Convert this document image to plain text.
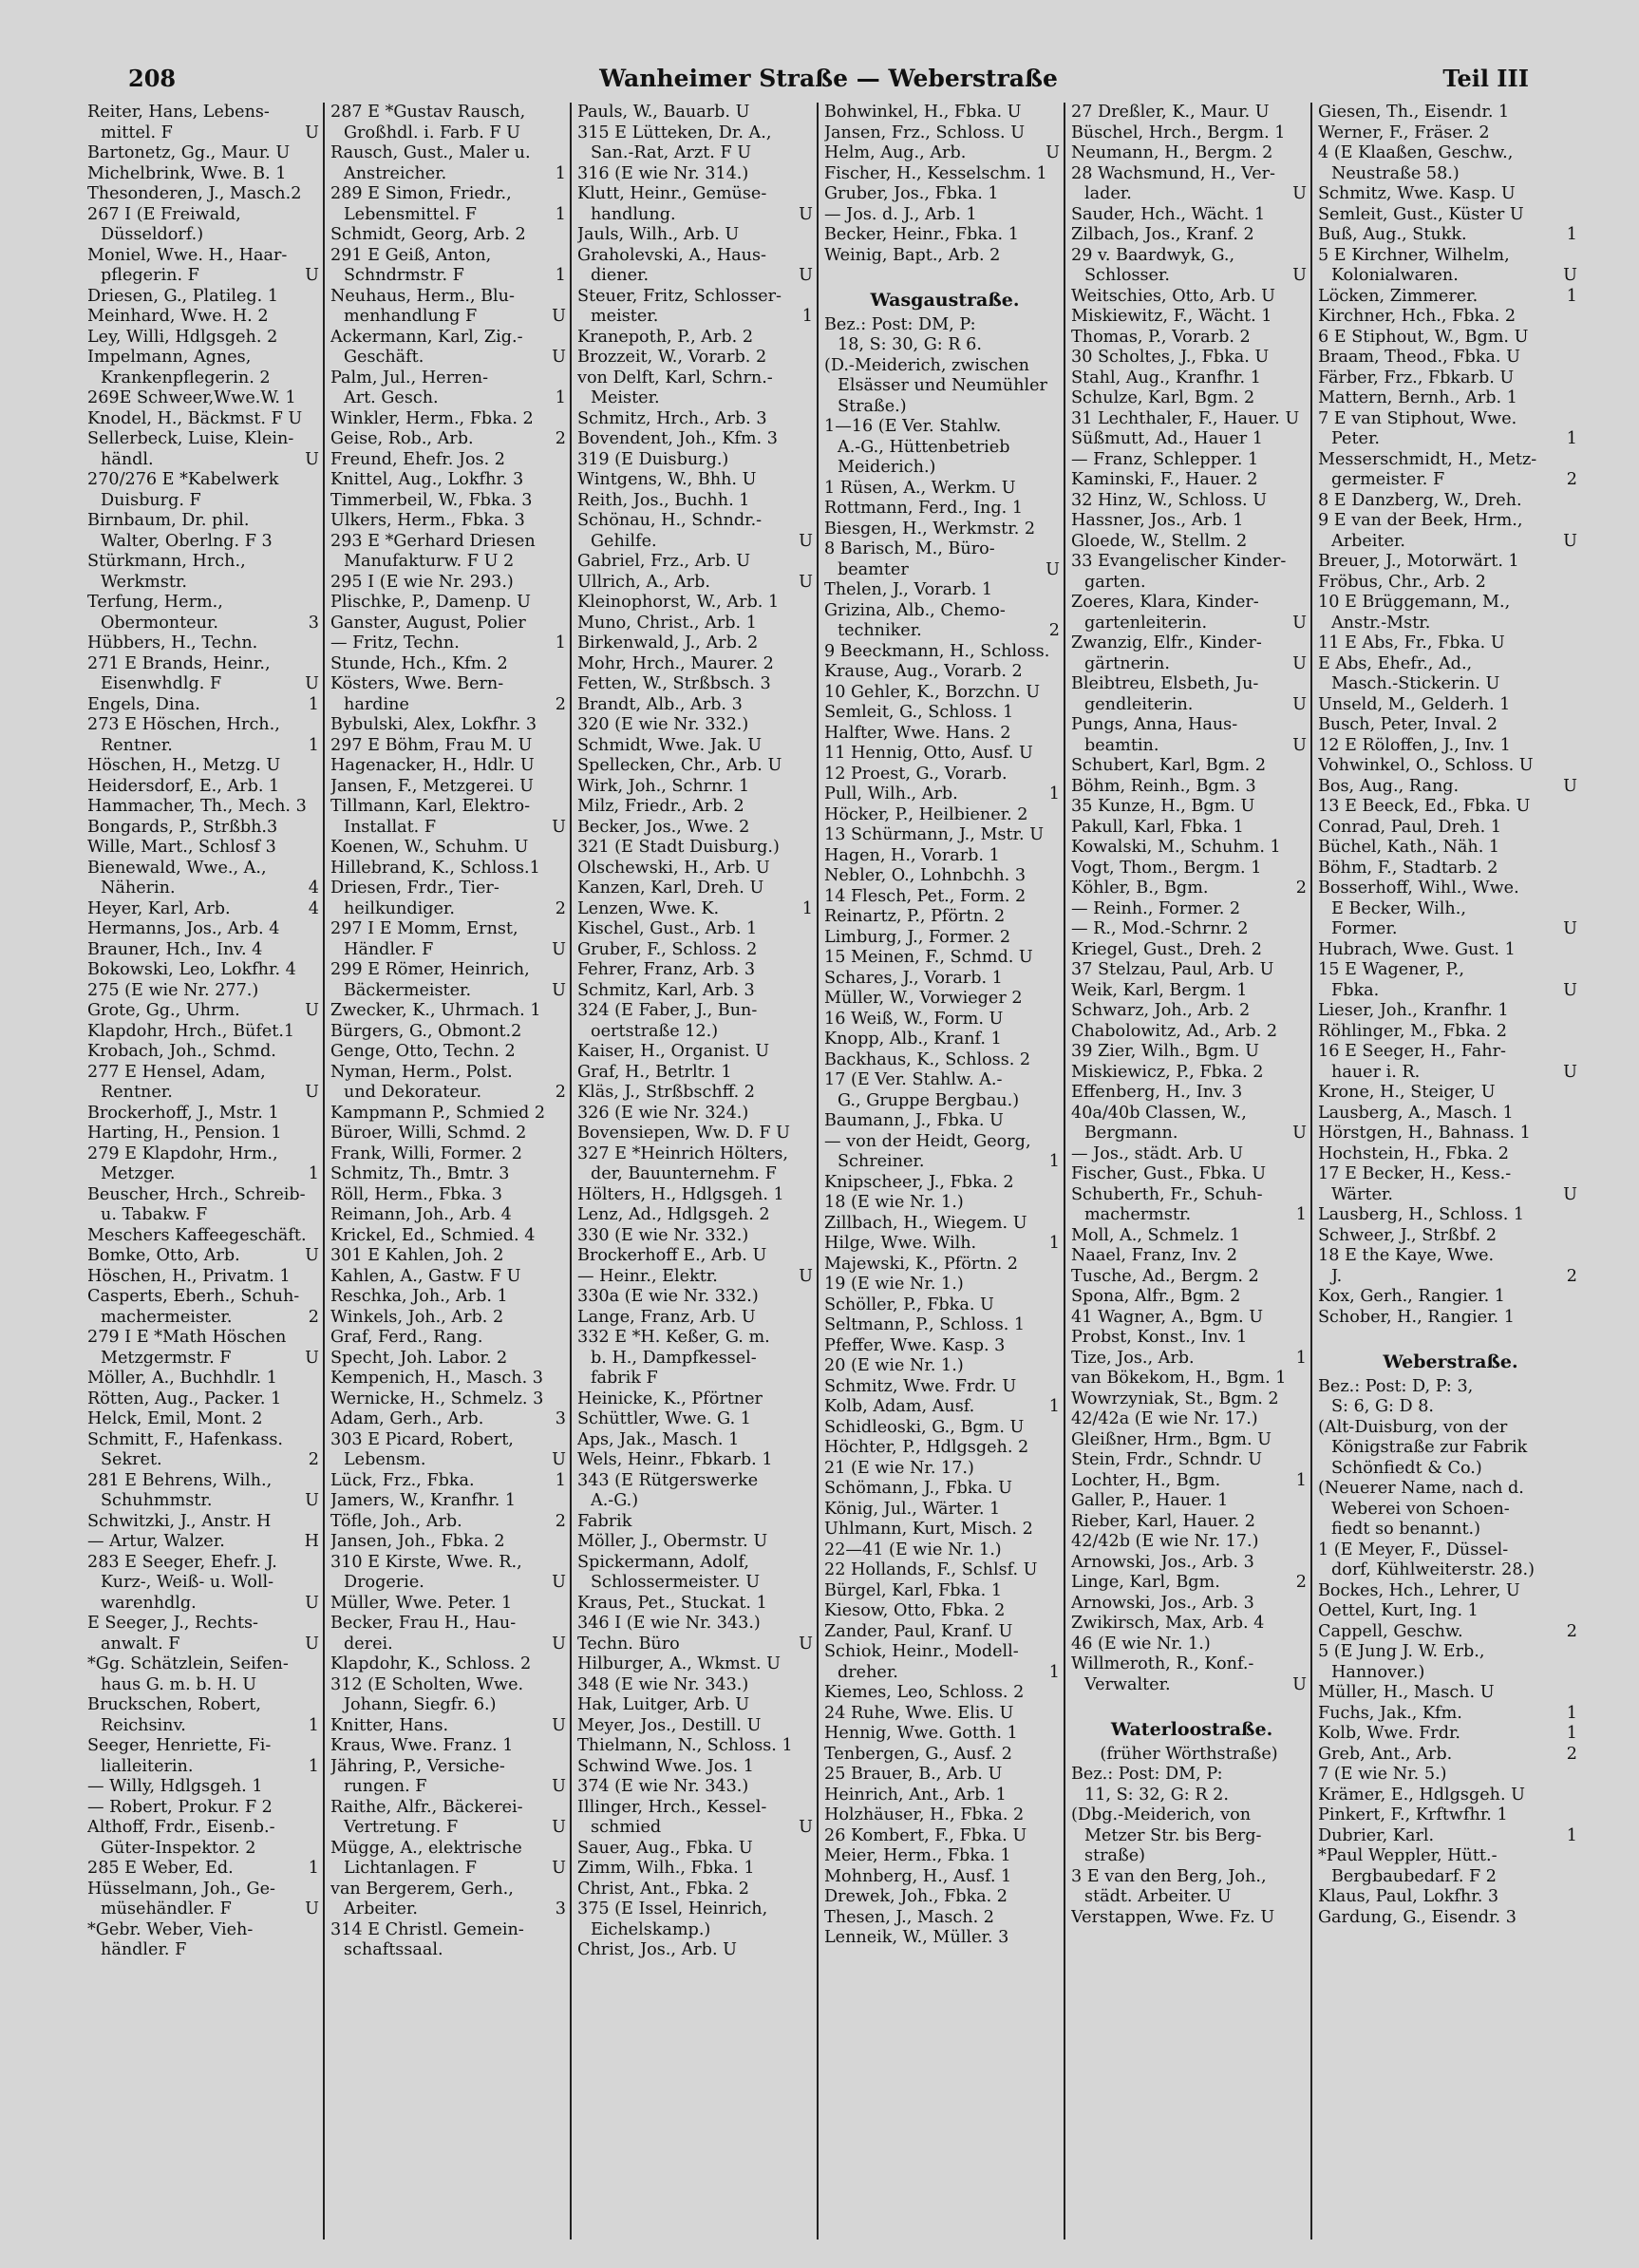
208	Wanheimer Straße — Weberstraße	Teil III
Reiter, Hans, Lebens-
mittel. F	U
Bartonetz, Gg., Maur. U
Michelbrink, Wwe. B. 1
Thesonderen, J., Masch.2
267 I (E Freiwald,
Düsseldorf.)
Moniel, Wwe. H., Haar-
pflegerin. F	U
Driesen, G., Platileg. 1
Meinhard, Wwe. H. 2
Ley, Willi, Hdlgsgeh. 2
Impelmann, Agnes,
Krankenpflegerin. 2
269E Schweer,Wwe.W. 1
Knodel, H., Bäckmst. F U
Sellerbeck, Luise, Klein-
händl.	U
270/276 E *Kabelwerk
Duisburg. F
Birnbaum, Dr. phil.
Walter, Oberlng. F 3
Stürkmann, Hrch.,
Werkmstr.
Terfung, Herm.,
Obermonteur.	3
Hübbers, H., Techn.
271 E Brands, Heinr.,
Eisenwhdlg. F	U
Engels, Dina.	1
273 E Höschen, Hrch.,
Rentner.	1
Höschen, H., Metzg. U
Heidersdorf, E., Arb. 1
Hammacher, Th., Mech. 3
Bongards, P., Strßbh.3
Wille, Mart., Schlosf 3
Bienewald, Wwe., A.,
Näherin.	4
Heyer, Karl, Arb.	4
Hermanns, Jos., Arb. 4
Brauner, Hch., Inv. 4
Bokowski, Leo, Lokfhr. 4
275 (E wie Nr. 277.)
Grote, Gg., Uhrm.	U
Klapdohr, Hrch., Büfet.1
Krobach, Joh., Schmd.
277 E Hensel, Adam,
Rentner.	U
Brockerhoff, J., Mstr. 1
Harting, H., Pension. 1
279 E Klapdohr, Hrm.,
Metzger.	1
Beuscher, Hrch., Schreib-
u. Tabakw. F
Meschers Kaffeegeschäft.
Bomke, Otto, Arb.	U
Höschen, H., Privatm. 1
Casperts, Eberh., Schuh-
machermeister.	2
279 I E *Math Höschen
Metzgermstr. F	U
Möller, A., Buchhdlr. 1
Rötten, Aug., Packer. 1
Helck, Emil, Mont. 2
Schmitt, F., Hafenkass.
Sekret.	2
281 E Behrens, Wilh.,
Schuhmmstr.	U
Schwitzki, J., Anstr. H
— Artur, Walzer.	H
283 E Seeger, Ehefr. J.
Kurz-, Weiß- u. Woll-
warenhdlg.	U
E Seeger, J., Rechts-
anwalt. F	U
*Gg. Schätzlein, Seifen-
haus G. m. b. H. U
Bruckschen, Robert,
Reichsinv.	1
Seeger, Henriette, Fi-
lialleiterin.	1
— Willy, Hdlgsgeh. 1
— Robert, Prokur. F 2
Althoff, Frdr., Eisenb.-
Güter-Inspektor. 2
285 E Weber, Ed.	1
Hüsselmann, Joh., Ge-
müsehändler. F	U
*Gebr. Weber, Vieh-
händler. F
287 E *Gustav Rausch,
Großhdl. i. Farb. F U
Rausch, Gust., Maler u.
Anstreicher.	1
289 E Simon, Friedr.,
Lebensmittel. F	1
Schmidt, Georg, Arb. 2
291 E Geiß, Anton,
Schndrmstr. F	1
Neuhaus, Herm., Blu-
menhandlung F	U
Ackermann, Karl, Zig.-
Geschäft.	U
Palm, Jul., Herren-
Art. Gesch.	1
Winkler, Herm., Fbka. 2
Geise, Rob., Arb.	2
Freund, Ehefr. Jos. 2
Knittel, Aug., Lokfhr. 3
Timmerbeil, W., Fbka. 3
Ulkers, Herm., Fbka. 3
293 E *Gerhard Driesen
Manufakturw. F U 2
295 I (E wie Nr. 293.)
Plischke, P., Damenp. U
Ganster, August, Polier
— Fritz, Techn.	1
Stunde, Hch., Kfm. 2
Kösters, Wwe. Bern-
hardine	2
Bybulski, Alex, Lokfhr. 3
297 E Böhm, Frau M. U
Hagenacker, H., Hdlr. U
Jansen, F., Metzgerei. U
Tillmann, Karl, Elektro-
Installat. F	U
Koenen, W., Schuhm. U
Hillebrand, K., Schloss.1
Driesen, Frdr., Tier-
heilkundiger.	2
297 I E Momm, Ernst,
Händler. F	U
299 E Römer, Heinrich,
Bäckermeister.	U
Zwecker, K., Uhrmach. 1
Bürgers, G., Obmont.2
Genge, Otto, Techn. 2
Nyman, Herm., Polst.
und Dekorateur.	2
Kampmann P., Schmied 2
Büroer, Willi, Schmd. 2
Frank, Willi, Former. 2
Schmitz, Th., Bmtr. 3
Röll, Herm., Fbka. 3
Reimann, Joh., Arb. 4
Krickel, Ed., Schmied. 4
301 E Kahlen, Joh. 2
Kahlen, A., Gastw. F U
Reschka, Joh., Arb. 1
Winkels, Joh., Arb. 2
Graf, Ferd., Rang.
Specht, Joh. Labor. 2
Kempenich, H., Masch. 3
Wernicke, H., Schmelz. 3
Adam, Gerh., Arb.	3
303 E Picard, Robert,
Lebensm.	U
Lück, Frz., Fbka.	1
Jamers, W., Kranfhr. 1
Töfle, Joh., Arb.	2
Jansen, Joh., Fbka. 2
310 E Kirste, Wwe. R.,
Drogerie.	U
Müller, Wwe. Peter. 1
Becker, Frau H., Hau-
derei.	U
Klapdohr, K., Schloss. 2
312 (E Scholten, Wwe.
Johann, Siegfr. 6.)
Knitter, Hans.	U
Kraus, Wwe. Franz. 1
Jähring, P., Versiche-
rungen. F	U
Raithe, Alfr., Bäckerei-
Vertretung. F	U
Mügge, A., elektrische
Lichtanlagen. F	U
van Bergerem, Gerh.,
Arbeiter.	3
314 E Christl. Gemein-
schaftssaal.
Pauls, W., Bauarb. U
315 E Lütteken, Dr. A.,
San.-Rat, Arzt. F U
316 (E wie Nr. 314.)
Klutt, Heinr., Gemüse-
handlung.	U
Jauls, Wilh., Arb. U
Graholevski, A., Haus-
diener.	U
Steuer, Fritz, Schlosser-
meister.	1
Kranepoth, P., Arb. 2
Brozzeit, W., Vorarb. 2
von Delft, Karl, Schrn.-
Meister.
Schmitz, Hrch., Arb. 3
Bovendent, Joh., Kfm. 3
319 (E Duisburg.)
Wintgens, W., Bhh. U
Reith, Jos., Buchh. 1
Schönau, H., Schndr.-
Gehilfe.	U
Gabriel, Frz., Arb. U
Ullrich, A., Arb.	U
Kleinophorst, W., Arb. 1
Muno, Christ., Arb. 1
Birkenwald, J., Arb. 2
Mohr, Hrch., Maurer. 2
Fetten, W., Strßbsch. 3
Brandt, Alb., Arb. 3
320 (E wie Nr. 332.)
Schmidt, Wwe. Jak. U
Spellecken, Chr., Arb. U
Wirk, Joh., Schrnr. 1
Milz, Friedr., Arb. 2
Becker, Jos., Wwe. 2
321 (E Stadt Duisburg.)
Olschewski, H., Arb. U
Kanzen, Karl, Dreh. U
Lenzen, Wwe. K.	1
Kischel, Gust., Arb. 1
Gruber, F., Schloss. 2
Fehrer, Franz, Arb. 3
Schmitz, Karl, Arb. 3
324 (E Faber, J., Bun-
oertstraße 12.)
Kaiser, H., Organist. U
Graf, H., Betrltr. 1
Kläs, J., Strßbschff. 2
326 (E wie Nr. 324.)
Bovensiepen, Ww. D. F U
327 E *Heinrich Hölters,
der, Bauunternehm. F
Hölters, H., Hdlgsgeh. 1
Lenz, Ad., Hdlgsgeh. 2
330 (E wie Nr. 332.)
Brockerhoff E., Arb. U
— Heinr., Elektr.	U
330a (E wie Nr. 332.)
Lange, Franz, Arb. U
332 E *H. Keßer, G. m.
b. H., Dampfkessel-
fabrik F
Heinicke, K., Pförtner
Schüttler, Wwe. G. 1
Aps, Jak., Masch. 1
Wels, Heinr., Fbkarb. 1
343 (E Rütgerswerke
A.-G.)
Fabrik
Möller, J., Obermstr. U
Spickermann, Adolf,
Schlossermeister. U
Kraus, Pet., Stuckat. 1
346 I (E wie Nr. 343.)
Techn. Büro	U
Hilburger, A., Wkmst. U
348 (E wie Nr. 343.)
Hak, Luitger, Arb. U
Meyer, Jos., Destill. U
Thielmann, N., Schloss. 1
Schwind Wwe. Jos. 1
374 (E wie Nr. 343.)
Illinger, Hrch., Kessel-
schmied	U
Sauer, Aug., Fbka. U
Zimm, Wilh., Fbka. 1
Christ, Ant., Fbka. 2
375 (E Issel, Heinrich,
Eichelskamp.)
Christ, Jos., Arb. U
Bohwinkel, H., Fbka. U
Jansen, Frz., Schloss. U
Helm, Aug., Arb.	U
Fischer, H., Kesselschm. 1
Gruber, Jos., Fbka. 1
— Jos. d. J., Arb. 1
Becker, Heinr., Fbka. 1
Weinig, Bapt., Arb. 2
Wasgaustraße.
Bez.: Post: DM, P:
18, S: 30, G: R 6.
(D.-Meiderich, zwischen
Elsässer und Neumühler
Straße.)
1—16 (E Ver. Stahlw.
A.-G., Hüttenbetrieb
Meiderich.)
1 Rüsen, A., Werkm. U
Rottmann, Ferd., Ing. 1
Biesgen, H., Werkmstr. 2
8 Barisch, M., Büro-
beamter	U
Thelen, J., Vorarb. 1
Grizina, Alb., Chemo-
techniker.	2
9 Beeckmann, H., Schloss.
Krause, Aug., Vorarb. 2
10 Gehler, K., Borzchn. U
Semleit, G., Schloss. 1
Halfter, Wwe. Hans. 2
11 Hennig, Otto, Ausf. U
12 Proest, G., Vorarb.
Pull, Wilh., Arb.	1
Höcker, P., Heilbiener. 2
13 Schürmann, J., Mstr. U
Hagen, H., Vorarb. 1
Nebler, O., Lohnbchh. 3
14 Flesch, Pet., Form. 2
Reinartz, P., Pförtn. 2
Limburg, J., Former. 2
15 Meinen, F., Schmd. U
Schares, J., Vorarb. 1
Müller, W., Vorwieger 2
16 Weiß, W., Form. U
Knopp, Alb., Kranf. 1
Backhaus, K., Schloss. 2
17 (E Ver. Stahlw. A.-
G., Gruppe Bergbau.)
Baumann, J., Fbka. U
— von der Heidt, Georg,
Schreiner.	1
Knipscheer, J., Fbka. 2
18 (E wie Nr. 1.)
Zillbach, H., Wiegem. U
Hilge, Wwe. Wilh.	1
Majewski, K., Pförtn. 2
19 (E wie Nr. 1.)
Schöller, P., Fbka. U
Seltmann, P., Schloss. 1
Pfeffer, Wwe. Kasp. 3
20 (E wie Nr. 1.)
Schmitz, Wwe. Frdr. U
Kolb, Adam, Ausf.	1
Schidleoski, G., Bgm. U
Höchter, P., Hdlgsgeh. 2
21 (E wie Nr. 17.)
Schömann, J., Fbka. U
König, Jul., Wärter. 1
Uhlmann, Kurt, Misch. 2
22—41 (E wie Nr. 1.)
22 Hollands, F., Schlsf. U
Bürgel, Karl, Fbka. 1
Kiesow, Otto, Fbka. 2
Zander, Paul, Kranf. U
Schiok, Heinr., Modell-
dreher.	1
Kiemes, Leo, Schloss. 2
24 Ruhe, Wwe. Elis. U
Hennig, Wwe. Gotth. 1
Tenbergen, G., Ausf. 2
25 Brauer, B., Arb. U
Heinrich, Ant., Arb. 1
Holzhäuser, H., Fbka. 2
26 Kombert, F., Fbka. U
Meier, Herm., Fbka. 1
Mohnberg, H., Ausf. 1
Drewek, Joh., Fbka. 2
Thesen, J., Masch. 2
Lenneik, W., Müller. 3
27 Dreßler, K., Maur. U
Büschel, Hrch., Bergm. 1
Neumann, H., Bergm. 2
28 Wachsmund, H., Ver-
lader.	U
Sauder, Hch., Wächt. 1
Zilbach, Jos., Kranf. 2
29 v. Baardwyk, G.,
Schlosser.	U
Weitschies, Otto, Arb. U
Miskiewitz, F., Wächt. 1
Thomas, P., Vorarb. 2
30 Scholtes, J., Fbka. U
Stahl, Aug., Kranfhr. 1
Schulze, Karl, Bgm. 2
31 Lechthaler, F., Hauer. U
Süßmutt, Ad., Hauer 1
— Franz, Schlepper. 1
Kaminski, F., Hauer. 2
32 Hinz, W., Schloss. U
Hassner, Jos., Arb. 1
Gloede, W., Stellm. 2
33 Evangelischer Kinder-
garten.
Zoeres, Klara, Kinder-
gartenleiterin.	U
Zwanzig, Elfr., Kinder-
gärtnerin.	U
Bleibtreu, Elsbeth, Ju-
gendleiterin.	U
Pungs, Anna, Haus-
beamtin.	U
Schubert, Karl, Bgm. 2
Böhm, Reinh., Bgm. 3
35 Kunze, H., Bgm. U
Pakull, Karl, Fbka. 1
Kowalski, M., Schuhm. 1
Vogt, Thom., Bergm. 1
Köhler, B., Bgm.	2
— Reinh., Former. 2
— R., Mod.-Schrnr. 2
Kriegel, Gust., Dreh. 2
37 Stelzau, Paul, Arb. U
Weik, Karl, Bergm. 1
Schwarz, Joh., Arb. 2
Chabolowitz, Ad., Arb. 2
39 Zier, Wilh., Bgm. U
Miskiewicz, P., Fbka. 2
Effenberg, H., Inv. 3
40a/40b Classen, W.,
Bergmann.	U
— Jos., städt. Arb. U
Fischer, Gust., Fbka. U
Schuberth, Fr., Schuh-
machermstr.	1
Moll, A., Schmelz. 1
Naael, Franz, Inv. 2
Tusche, Ad., Bergm. 2
Spona, Alfr., Bgm. 2
41 Wagner, A., Bgm. U
Probst, Konst., Inv. 1
Tize, Jos., Arb.	1
van Bökekom, H., Bgm. 1
Wowrzyniak, St., Bgm. 2
42/42a (E wie Nr. 17.)
Gleißner, Hrm., Bgm. U
Stein, Frdr., Schndr. U
Lochter, H., Bgm.	1
Galler, P., Hauer. 1
Rieber, Karl, Hauer. 2
42/42b (E wie Nr. 17.)
Arnowski, Jos., Arb. 3
Linge, Karl, Bgm.	2
Arnowski, Jos., Arb. 3
Zwikirsch, Max, Arb. 4
46 (E wie Nr. 1.)
Willmeroth, R., Konf.-
Verwalter.	U
Waterloostraße.
(früher Wörthstraße)
Bez.: Post: DM, P:
11, S: 32, G: R 2.
(Dbg.-Meiderich, von
Metzer Str. bis Berg-
straße)
3 E van den Berg, Joh.,
städt. Arbeiter. U
Verstappen, Wwe. Fz. U
Giesen, Th., Eisendr. 1
Werner, F., Fräser. 2
4 (E Klaaßen, Geschw.,
Neustraße 58.)
Schmitz, Wwe. Kasp. U
Semleit, Gust., Küster U
Buß, Aug., Stukk.	1
5 E Kirchner, Wilhelm,
Kolonialwaren.	U
Löcken, Zimmerer.	1
Kirchner, Hch., Fbka. 2
6 E Stiphout, W., Bgm. U
Braam, Theod., Fbka. U
Färber, Frz., Fbkarb. U
Mattern, Bernh., Arb. 1
7 E van Stiphout, Wwe.
Peter.	1
Messerschmidt, H., Metz-
germeister. F	2
8 E Danzberg, W., Dreh.
9 E van der Beek, Hrm.,
Arbeiter.	U
Breuer, J., Motorwärt. 1
Fröbus, Chr., Arb. 2
10 E Brüggemann, M.,
Anstr.-Mstr.
11 E Abs, Fr., Fbka. U
E Abs, Ehefr., Ad.,
Masch.-Stickerin. U
Unseld, M., Gelderh. 1
Busch, Peter, Inval. 2
12 E Röloffen, J., Inv. 1
Vohwinkel, O., Schloss. U
Bos, Aug., Rang.	U
13 E Beeck, Ed., Fbka. U
Conrad, Paul, Dreh. 1
Büchel, Kath., Näh. 1
Böhm, F., Stadtarb. 2
Bosserhoff, Wihl., Wwe.
E Becker, Wilh.,
Former.	U
Hubrach, Wwe. Gust. 1
15 E Wagener, P.,
Fbka.	U
Lieser, Joh., Kranfhr. 1
Röhlinger, M., Fbka. 2
16 E Seeger, H., Fahr-
hauer i. R.	U
Krone, H., Steiger, U
Lausberg, A., Masch. 1
Hörstgen, H., Bahnass. 1
Hochstein, H., Fbka. 2
17 E Becker, H., Kess.-
Wärter.	U
Lausberg, H., Schloss. 1
Schweer, J., Strßbf. 2
18 E the Kaye, Wwe.
J.	2
Kox, Gerh., Rangier. 1
Schober, H., Rangier. 1
Weberstraße.
Bez.: Post: D, P: 3,
S: 6, G: D 8.
(Alt-Duisburg, von der
Königstraße zur Fabrik
Schönfiedt & Co.)
(Neuerer Name, nach d.
Weberei von Schoen-
fiedt so benannt.)
1 (E Meyer, F., Düssel-
dorf, Kühlweiterstr. 28.)
Bockes, Hch., Lehrer, U
Oettel, Kurt, Ing. 1
Cappell, Geschw.	2
5 (E Jung J. W. Erb.,
Hannover.)
Müller, H., Masch. U
Fuchs, Jak., Kfm.	1
Kolb, Wwe. Frdr.	1
Greb, Ant., Arb.	2
7 (E wie Nr. 5.)
Krämer, E., Hdlgsgeh. U
Pinkert, F., Krftwfhr. 1
Dubrier, Karl.	1
*Paul Weppler, Hütt.-
Bergbaubedarf. F 2
Klaus, Paul, Lokfhr. 3
Gardung, G., Eisendr. 3
